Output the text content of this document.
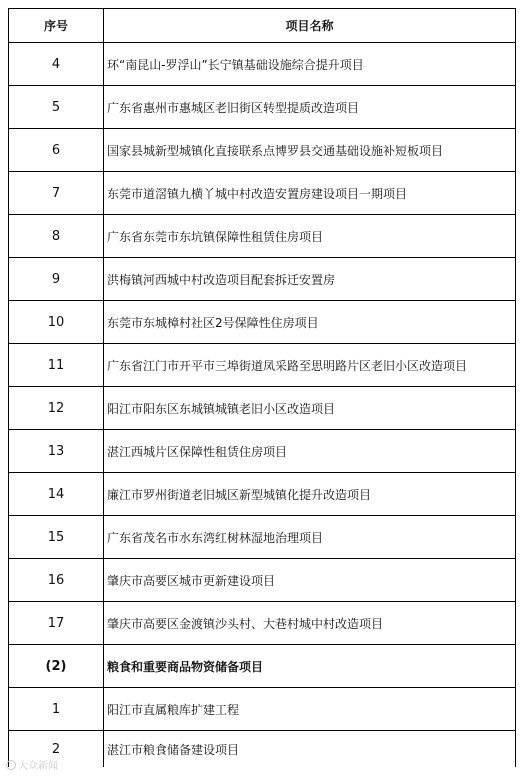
序号	项目名称
4	环“南昆山-罗浮山”长宁镇基础设施综合提升项目
5	广东省惠州市惠城区老旧街区转型提质改造项目
6	国家县城新型城镇化直接联系点博罗县交通基础设施补短板项目
7	东莞市道滘镇九横丫城中村改造安置房建设项目一期项目
8	广东省东莞市东坑镇保障性租赁住房项目
9	洪梅镇河西城中村改造项目配套拆迁安置房
10	东莞市东城樟村社区2号保障性住房项目
11	广东省江门市开平市三埠街道凤采路至思明路片区老旧小区改造项目
12	阳江市阳东区东城镇城镇老旧小区改造项目
13	湛江西城片区保障性租赁住房项目
14	廉江市罗州街道老旧城区新型城镇化提升改造项目
15	广东省茂名市水东湾红树林湿地治理项目
16	肇庆市高要区城市更新建设项目
17	肇庆市高要区金渡镇沙头村、大巷村城中村改造项目
(2)	粮食和重要商品物资储备项目
1	阳江市直属粮库扩建工程
2	湛江市粮食储备建设项目
大众新闻
